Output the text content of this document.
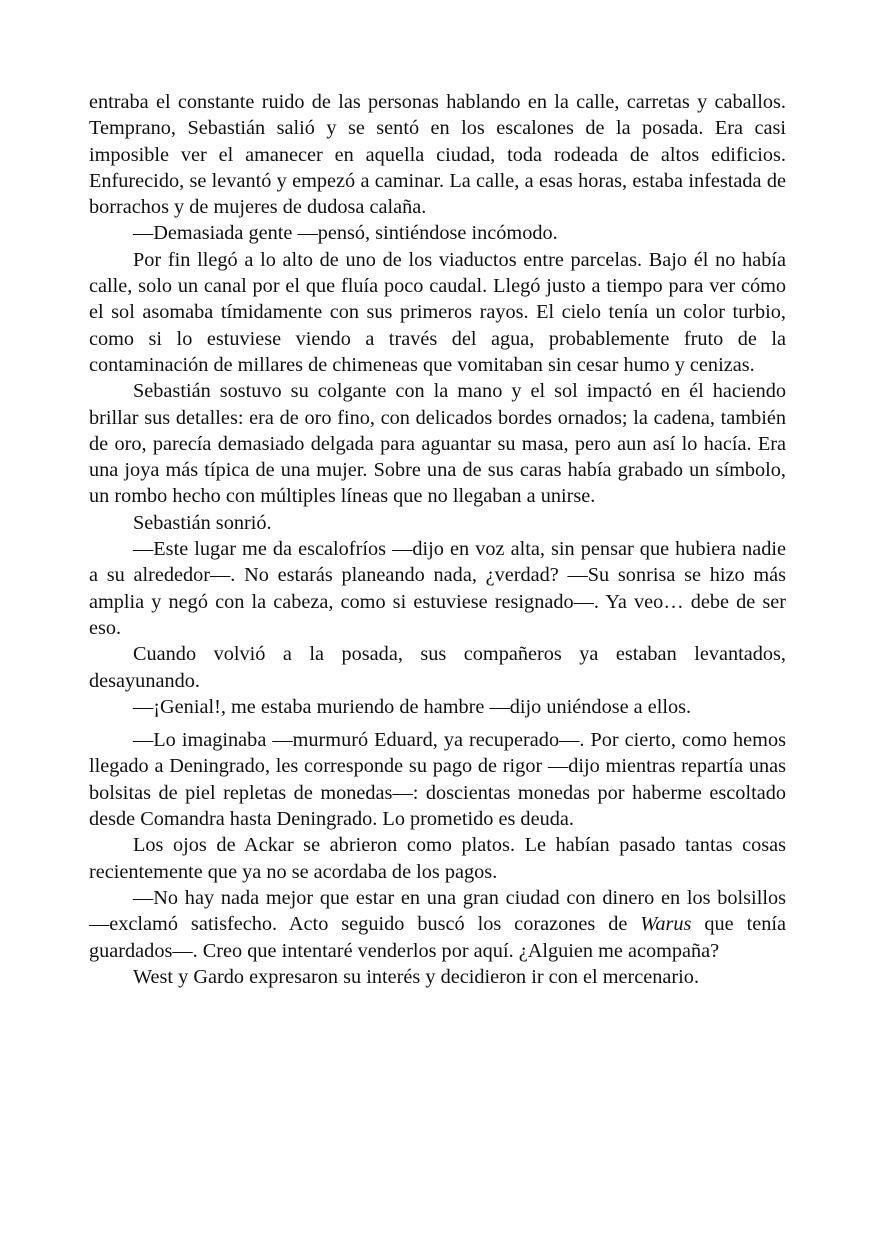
entraba el constante ruido de las personas hablando en la calle, carretas y caballos. Temprano, Sebastián salió y se sentó en los escalones de la posada. Era casi imposible ver el amanecer en aquella ciudad, toda rodeada de altos edificios. Enfurecido, se levantó y empezó a caminar. La calle, a esas horas, estaba infestada de borrachos y de mujeres de dudosa calaña.

—Demasiada gente —pensó, sintiéndose incómodo.

Por fin llegó a lo alto de uno de los viaductos entre parcelas. Bajo él no había calle, solo un canal por el que fluía poco caudal. Llegó justo a tiempo para ver cómo el sol asomaba tímidamente con sus primeros rayos. El cielo tenía un color turbio, como si lo estuviese viendo a través del agua, probablemente fruto de la contaminación de millares de chimeneas que vomitaban sin cesar humo y cenizas.

Sebastián sostuvo su colgante con la mano y el sol impactó en él haciendo brillar sus detalles: era de oro fino, con delicados bordes ornados; la cadena, también de oro, parecía demasiado delgada para aguantar su masa, pero aun así lo hacía. Era una joya más típica de una mujer. Sobre una de sus caras había grabado un símbolo, un rombo hecho con múltiples líneas que no llegaban a unirse.

Sebastián sonrió.

—Este lugar me da escalofríos —dijo en voz alta, sin pensar que hubiera nadie a su alrededor—. No estarás planeando nada, ¿verdad? —Su sonrisa se hizo más amplia y negó con la cabeza, como si estuviese resignado—. Ya veo… debe de ser eso.

Cuando volvió a la posada, sus compañeros ya estaban levantados, desayunando.

—¡Genial!, me estaba muriendo de hambre —dijo uniéndose a ellos.

—Lo imaginaba —murmuró Eduard, ya recuperado—. Por cierto, como hemos llegado a Deningrado, les corresponde su pago de rigor —dijo mientras repartía unas bolsitas de piel repletas de monedas—: doscientas monedas por haberme escoltado desde Comandra hasta Deningrado. Lo prometido es deuda.

Los ojos de Ackar se abrieron como platos. Le habían pasado tantas cosas recientemente que ya no se acordaba de los pagos.

—No hay nada mejor que estar en una gran ciudad con dinero en los bolsillos —exclamó satisfecho. Acto seguido buscó los corazones de Warus que tenía guardados—. Creo que intentaré venderlos por aquí. ¿Alguien me acompaña?

West y Gardo expresaron su interés y decidieron ir con el mercenario.
